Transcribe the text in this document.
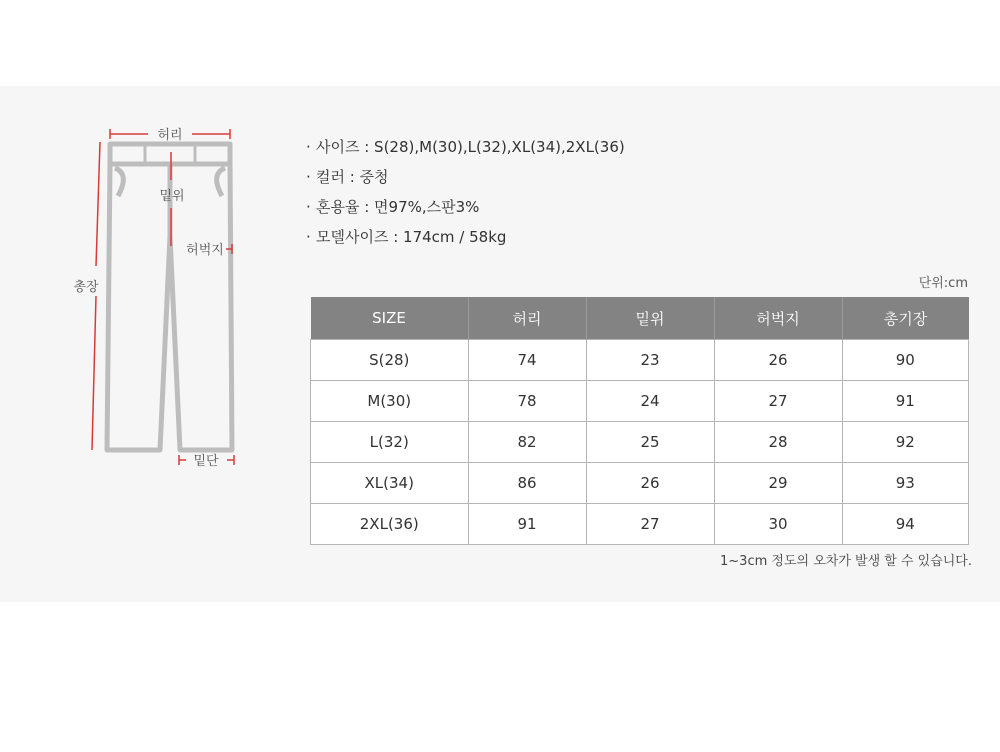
허리
밑위
허벅지
총장
밑단
· 사이즈 : S(28),M(30),L(32),XL(34),2XL(36)
· 컬러 : 중청
· 혼용율 : 면97%,스판3%
· 모델사이즈 : 174cm / 58kg
단위:cm
SIZE	허리	밑위	허벅지	총기장
S(28)	74	23	26	90
M(30)	78	24	27	91
L(32)	82	25	28	92
XL(34)	86	26	29	93
2XL(36)	91	27	30	94
1~3cm 정도의 오차가 발생 할 수 있습니다.
